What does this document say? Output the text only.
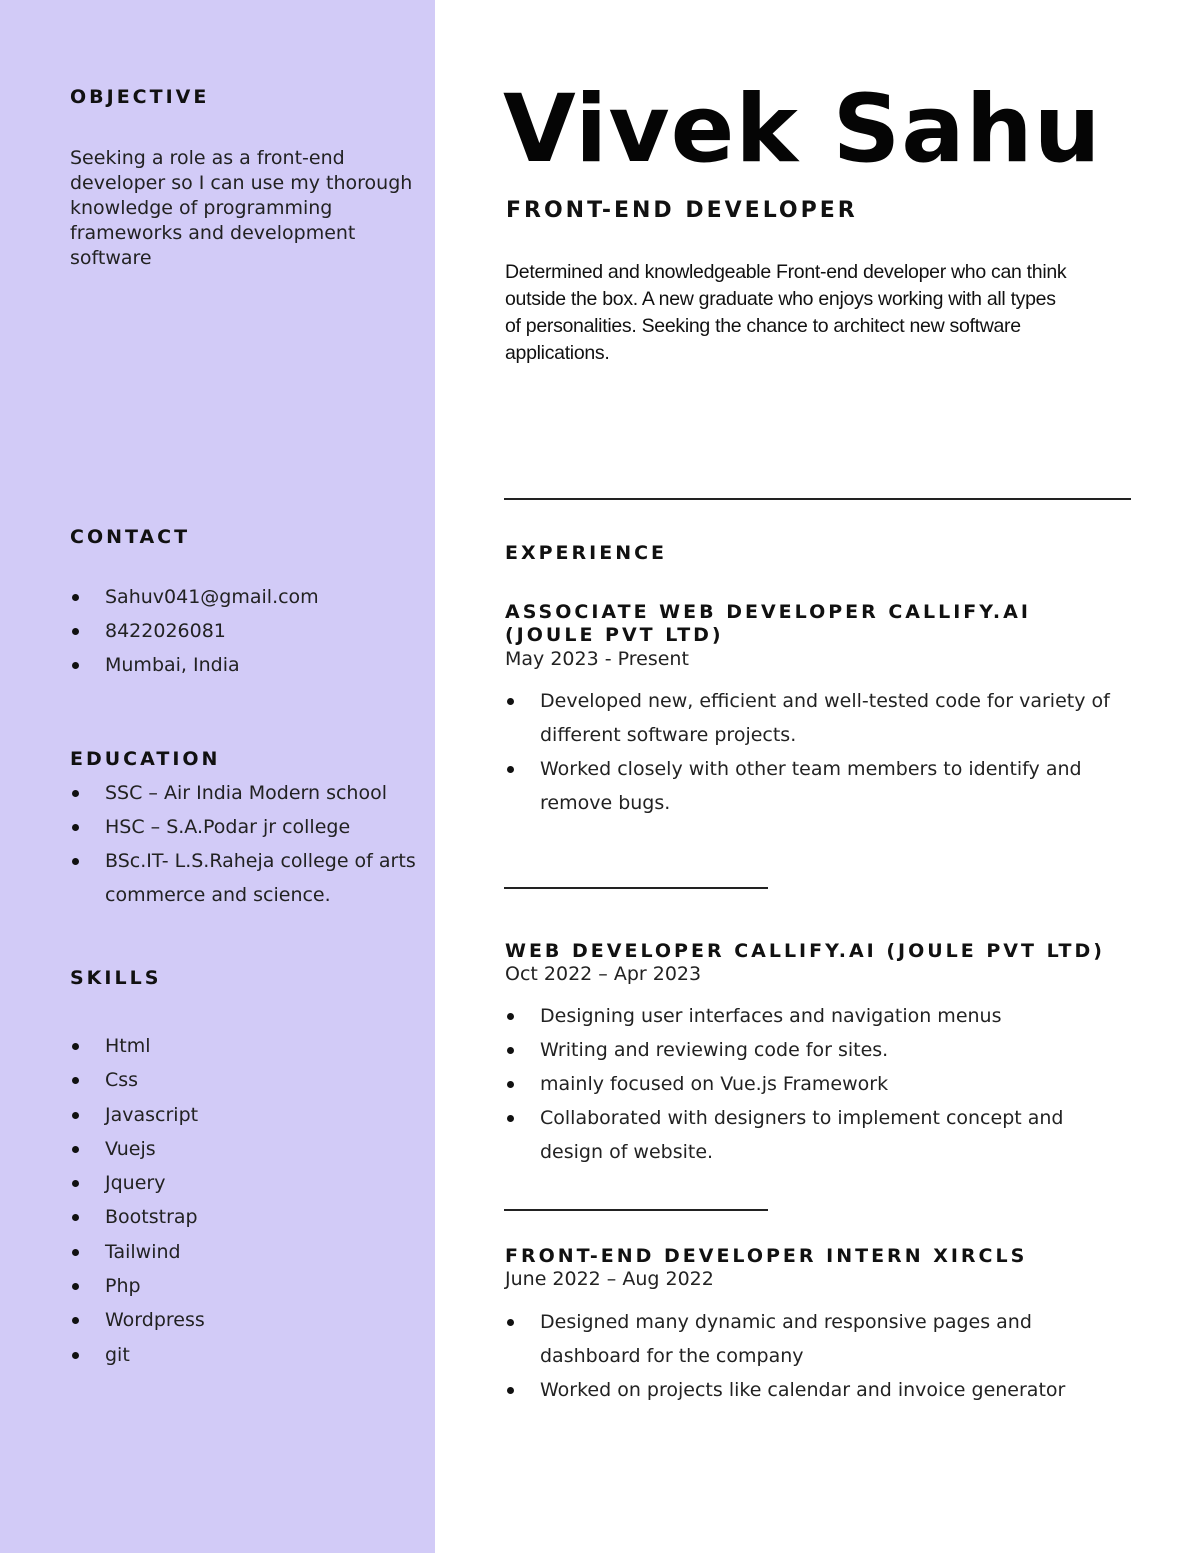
OBJECTIVE
Seeking a role as a front-end
developer so I can use my thorough
knowledge of programming
frameworks and development
software
CONTACT
Sahuv041@gmail.com
8422026081
Mumbai, India
EDUCATION
SSC – Air India Modern school
HSC – S.A.Podar jr college
BSc.IT- L.S.Raheja college of arts commerce and science.
SKILLS
Html
Css
Javascript
Vuejs
Jquery
Bootstrap
Tailwind
Php
Wordpress
git
Vivek Sahu
FRONT-END DEVELOPER
Determined and knowledgeable Front-end developer who can think
outside the box. A new graduate who enjoys working with all types
of personalities. Seeking the chance to architect new software
applications.
EXPERIENCE
ASSOCIATE WEB DEVELOPER CALLIFY.AI (JOULE PVT LTD)
May 2023 - Present
Developed new, efficient and well-tested code for variety of different software projects.
Worked closely with other team members to identify and remove bugs.
WEB DEVELOPER CALLIFY.AI (JOULE PVT LTD)
Oct 2022 – Apr 2023
Designing user interfaces and navigation menus
Writing and reviewing code for sites.
mainly focused on Vue.js Framework
Collaborated with designers to implement concept and design of website.
FRONT-END DEVELOPER INTERN XIRCLS
June 2022 – Aug 2022
Designed many dynamic and responsive pages and dashboard for the company
Worked on projects like calendar and invoice generator
